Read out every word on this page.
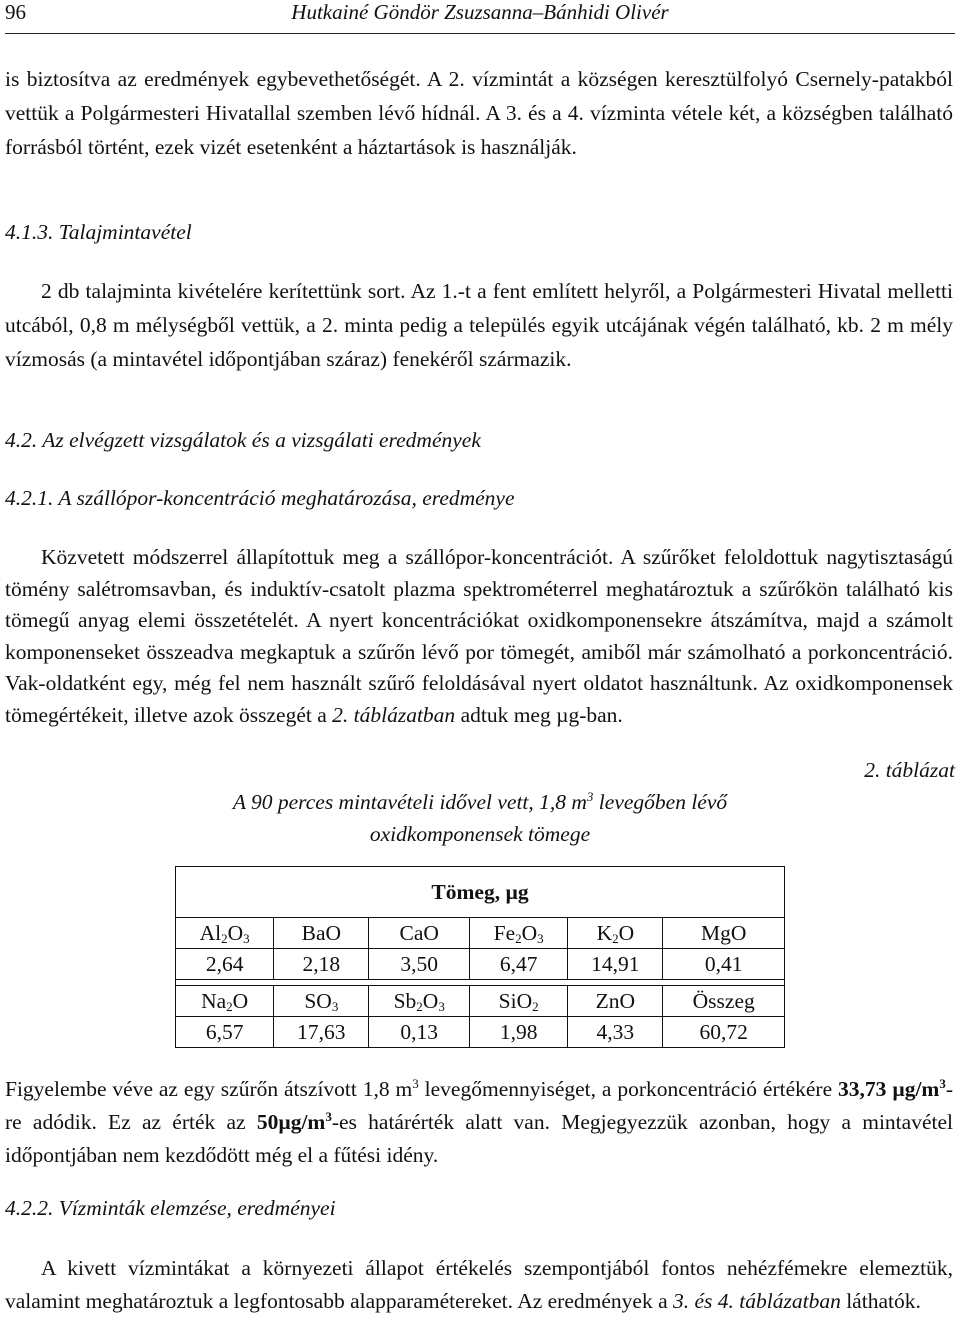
96	Hutkainé Göndör Zsuzsanna–Bánhidi Olivér

is biztosítva az eredmények egybevethetőségét. A 2. vízmintát a községen keresztülfolyó Csernely-patakból vettük a Polgármesteri Hivatallal szemben lévő hídnál. A 3. és a 4. vízminta vétele két, a községben található forrásból történt, ezek vizét esetenként a háztartások is használják.

4.1.3. Talajmintavétel

2 db talajminta kivételére kerítettünk sort. Az 1.-t a fent említett helyről, a Polgármesteri Hivatal melletti utcából, 0,8 m mélységből vettük, a 2. minta pedig a település egyik utcájának végén található, kb. 2 m mély vízmosás (a mintavétel időpontjában száraz) fenekéről származik.

4.2. Az elvégzett vizsgálatok és a vizsgálati eredmények

4.2.1. A szállópor-koncentráció meghatározása, eredménye

Közvetett módszerrel állapítottuk meg a szállópor-koncentrációt. A szűrőket feloldottuk nagytisztaságú tömény salétromsavban, és induktív-csatolt plazma spektrométerrel meghatároztuk a szűrőkön található kis tömegű anyag elemi összetételét. A nyert koncentrációkat oxidkomponensekre átszámítva, majd a számolt komponenseket összeadva megkaptuk a szűrőn lévő por tömegét, amiből már számolható a porkoncentráció. Vak-oldatként egy, még fel nem használt szűrő feloldásával nyert oldatot használtunk. Az oxidkomponensek tömegértékeit, illetve azok összegét a 2. táblázatban adtuk meg µg-ban.

2. táblázat
A 90 perces mintavételi idővel vett, 1,8 $m^3$ levegőben lévő
oxidkomponensek tömege
Tömeg, µg					
$Al_2O_3$	BaO	CaO	$Fe_2O_3$	$K_2O$	MgO
2,64	2,18	3,50	6,47	14,91	0,41

$Na_2O$	$SO_3$	$Sb_2O_3$	SiO$_2$	ZnO	Összeg
6,57	17,63	0,13	1,98	4,33	60,72

Figyelembe véve az egy szűrőn átszívott 1,8 $m^3$ levegőmennyiséget, a porkoncentráció értékére 33,73 $\mu g/m^3-re$ adódik. Ez az érték az $50\mu g/m^3-es$ határérték alatt van. Megjegyezzük azonban, hogy a mintavétel időpontjában nem kezdődött még el a fűtési idény.

4.2.2. Vízminták elemzése, eredményei

A kivett vízmintákat a környezeti állapot értékelés szempontjából fontos nehézfémekre elemeztük, valamint meghatároztuk a legfontosabb alapparamétereket. Az eredmények a 3. és 4. táblázatban láthatók.
